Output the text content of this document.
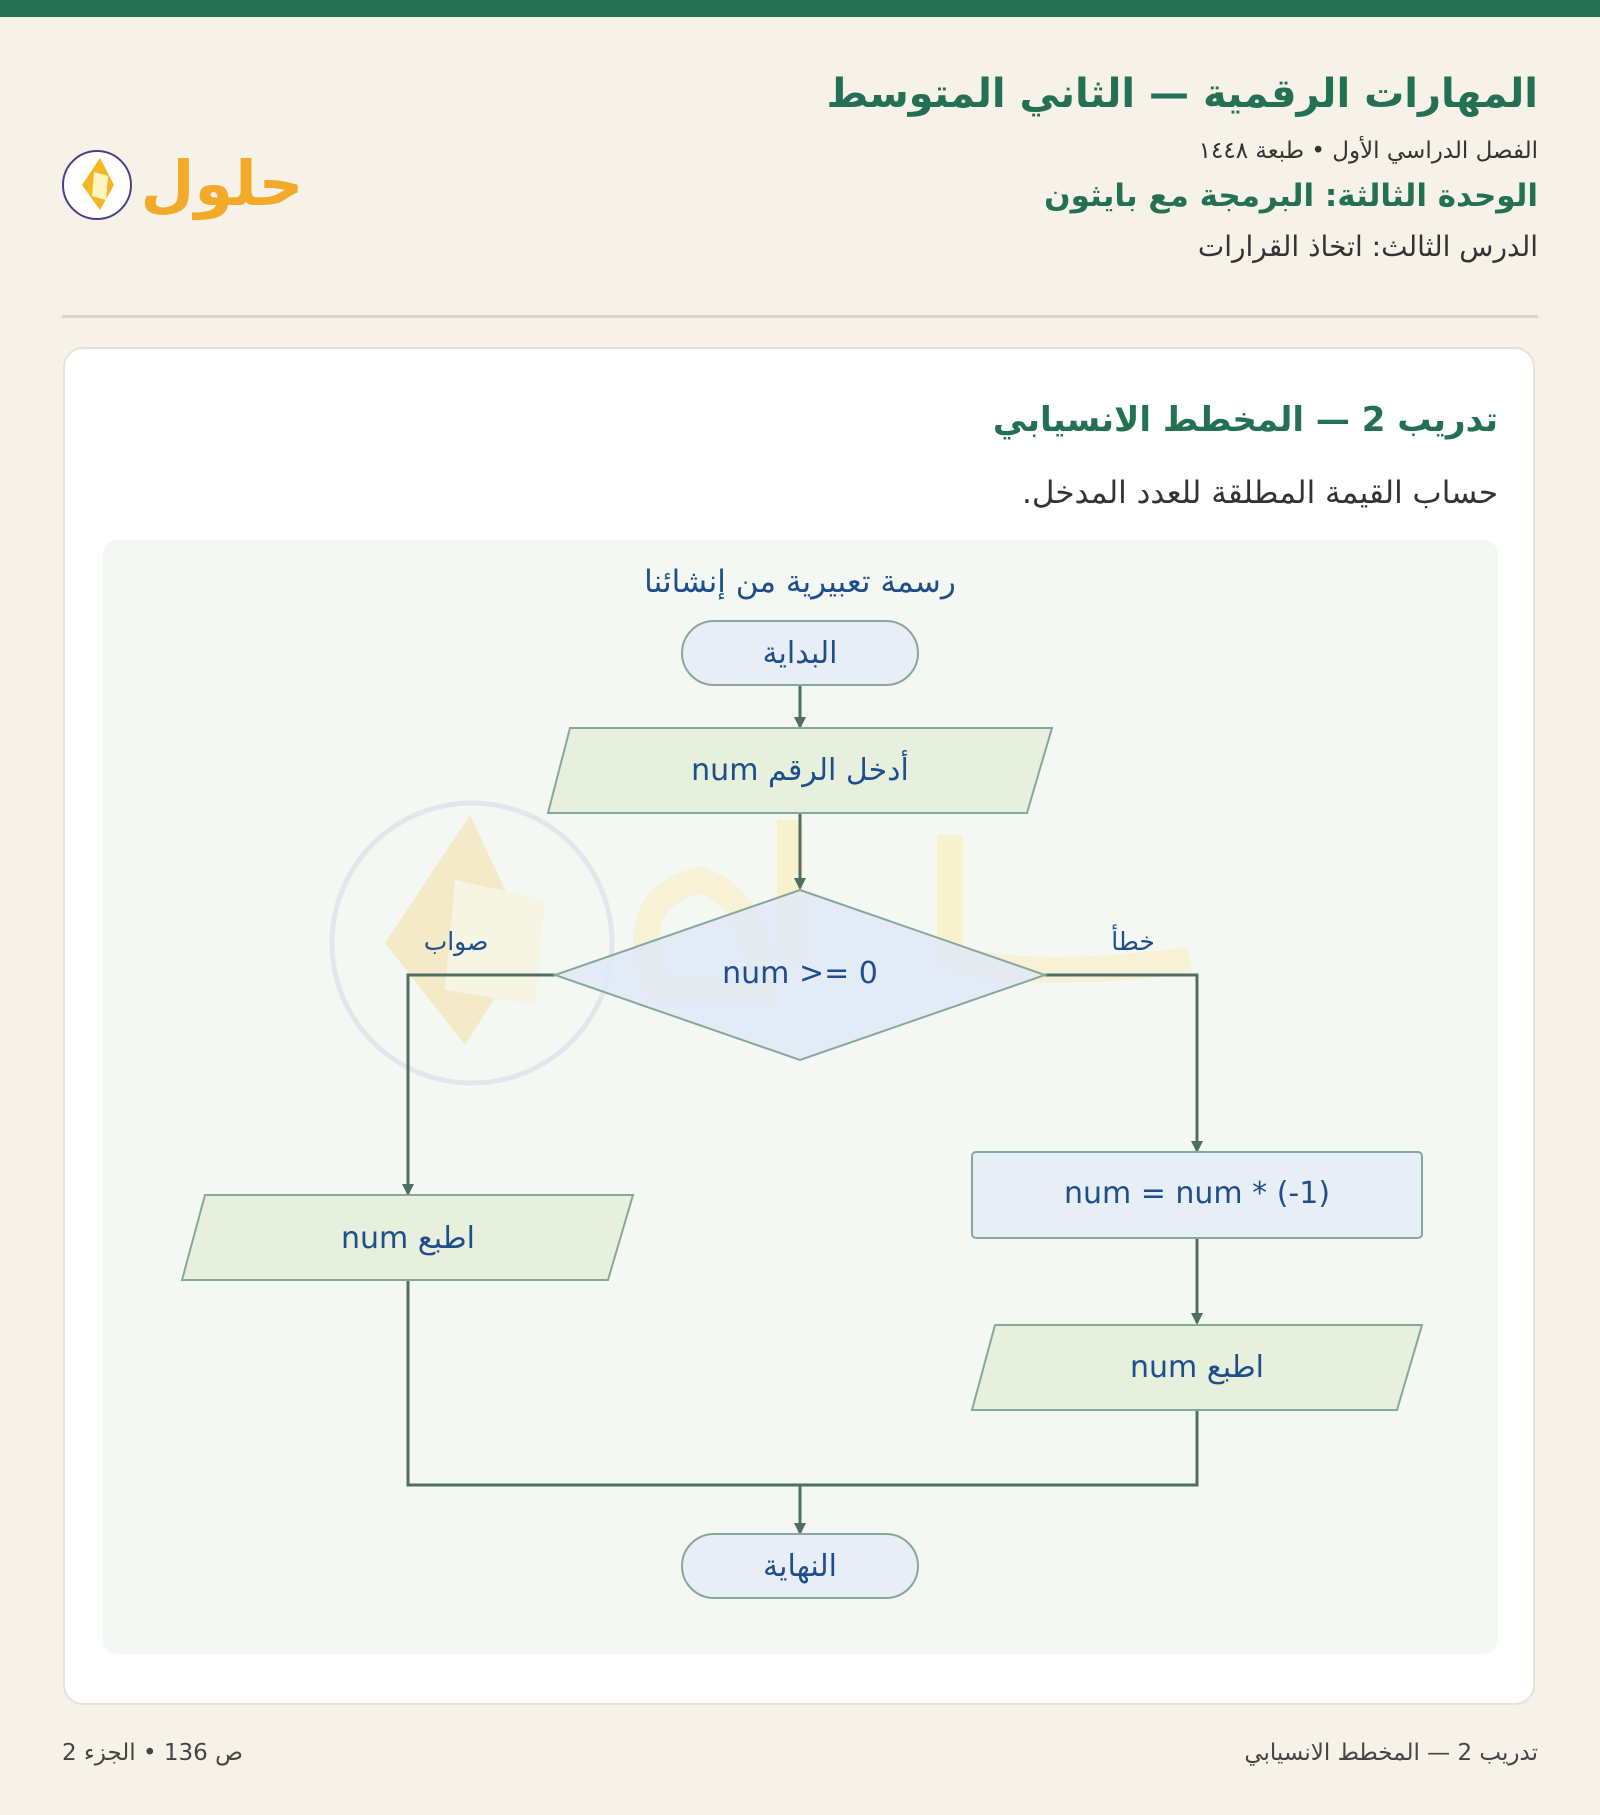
المهارات الرقمية — الثاني المتوسط
الفصل الدراسي الأول • طبعة ١٤٤٨
الوحدة الثالثة: البرمجة مع بايثون
الدرس الثالث: اتخاذ القرارات
حلول
تدريب 2 — المخطط الانسيابي
حساب القيمة المطلقة للعدد المدخل.
رسمة تعبيرية من إنشائنا
البداية
أدخل الرقم num
num >= 0
صواب	خطأ
اطبع num
num = num * (-1)
اطبع num
النهاية
ص 136 • الجزء 2	تدريب 2 — المخطط الانسيابي
